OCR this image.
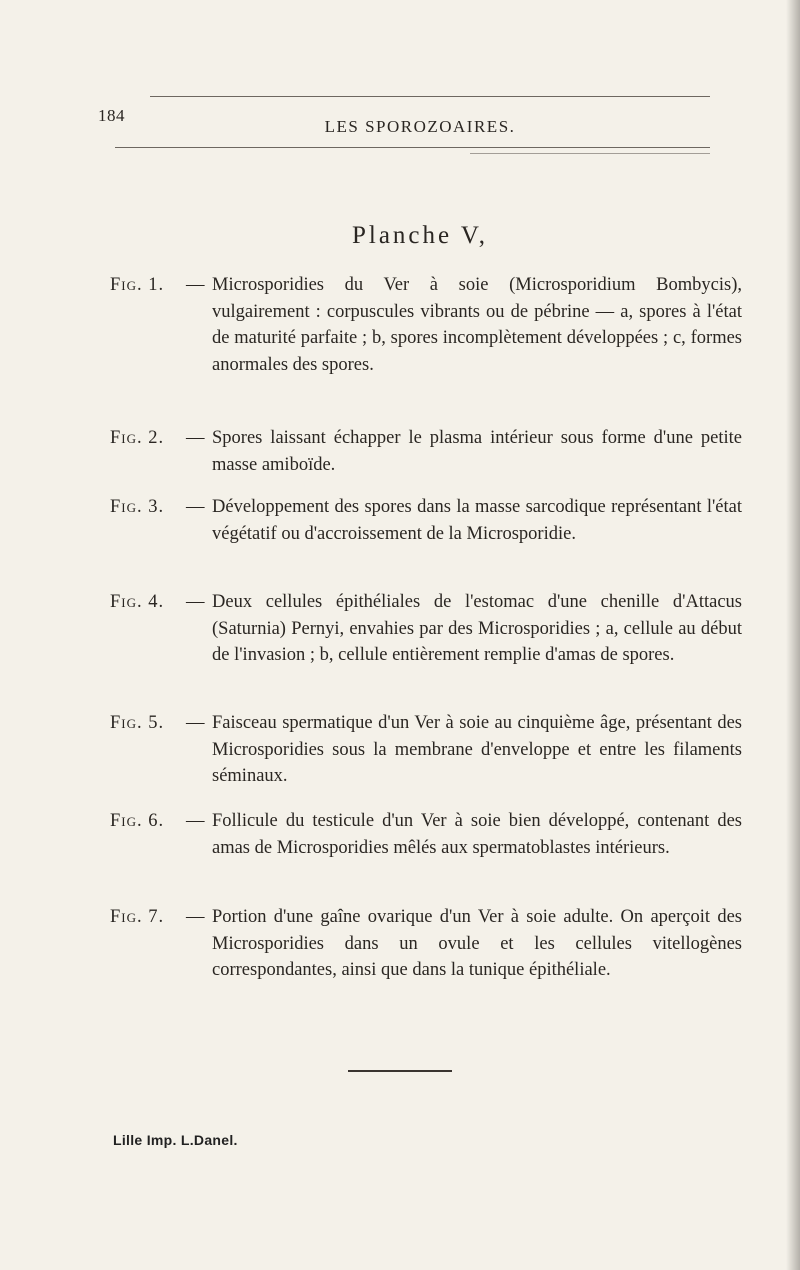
184
LES SPOROZOAIRES.
Planche V,
Fig. 1. — Microsporidies du Ver à soie (Microsporidium Bombycis), vulgairement : corpuscules vibrants ou de pébrine — a, spores à l'état de maturité parfaite ; b, spores incomplètement développées ; c, formes anormales des spores.
Fig. 2. — Spores laissant échapper le plasma intérieur sous forme d'une petite masse amiboïde.
Fig. 3. — Développement des spores dans la masse sarcodique représentant l'état végétatif ou d'accroissement de la Microsporidie.
Fig. 4. — Deux cellules épithéliales de l'estomac d'une chenille d'Attacus (Saturnia) Pernyi, envahies par des Microsporidies ; a, cellule au début de l'invasion ; b, cellule entièrement remplie d'amas de spores.
Fig. 5. — Faisceau spermatique d'un Ver à soie au cinquième âge, présentant des Microsporidies sous la membrane d'enveloppe et entre les filaments séminaux.
Fig. 6. — Follicule du testicule d'un Ver à soie bien développé, contenant des amas de Microsporidies mêlés aux spermatoblastes intérieurs.
Fig. 7. — Portion d'une gaîne ovarique d'un Ver à soie adulte. On aperçoit des Microsporidies dans un ovule et les cellules vitellogènes correspondantes, ainsi que dans la tunique épithéliale.
Lille Imp. L.Danel.
